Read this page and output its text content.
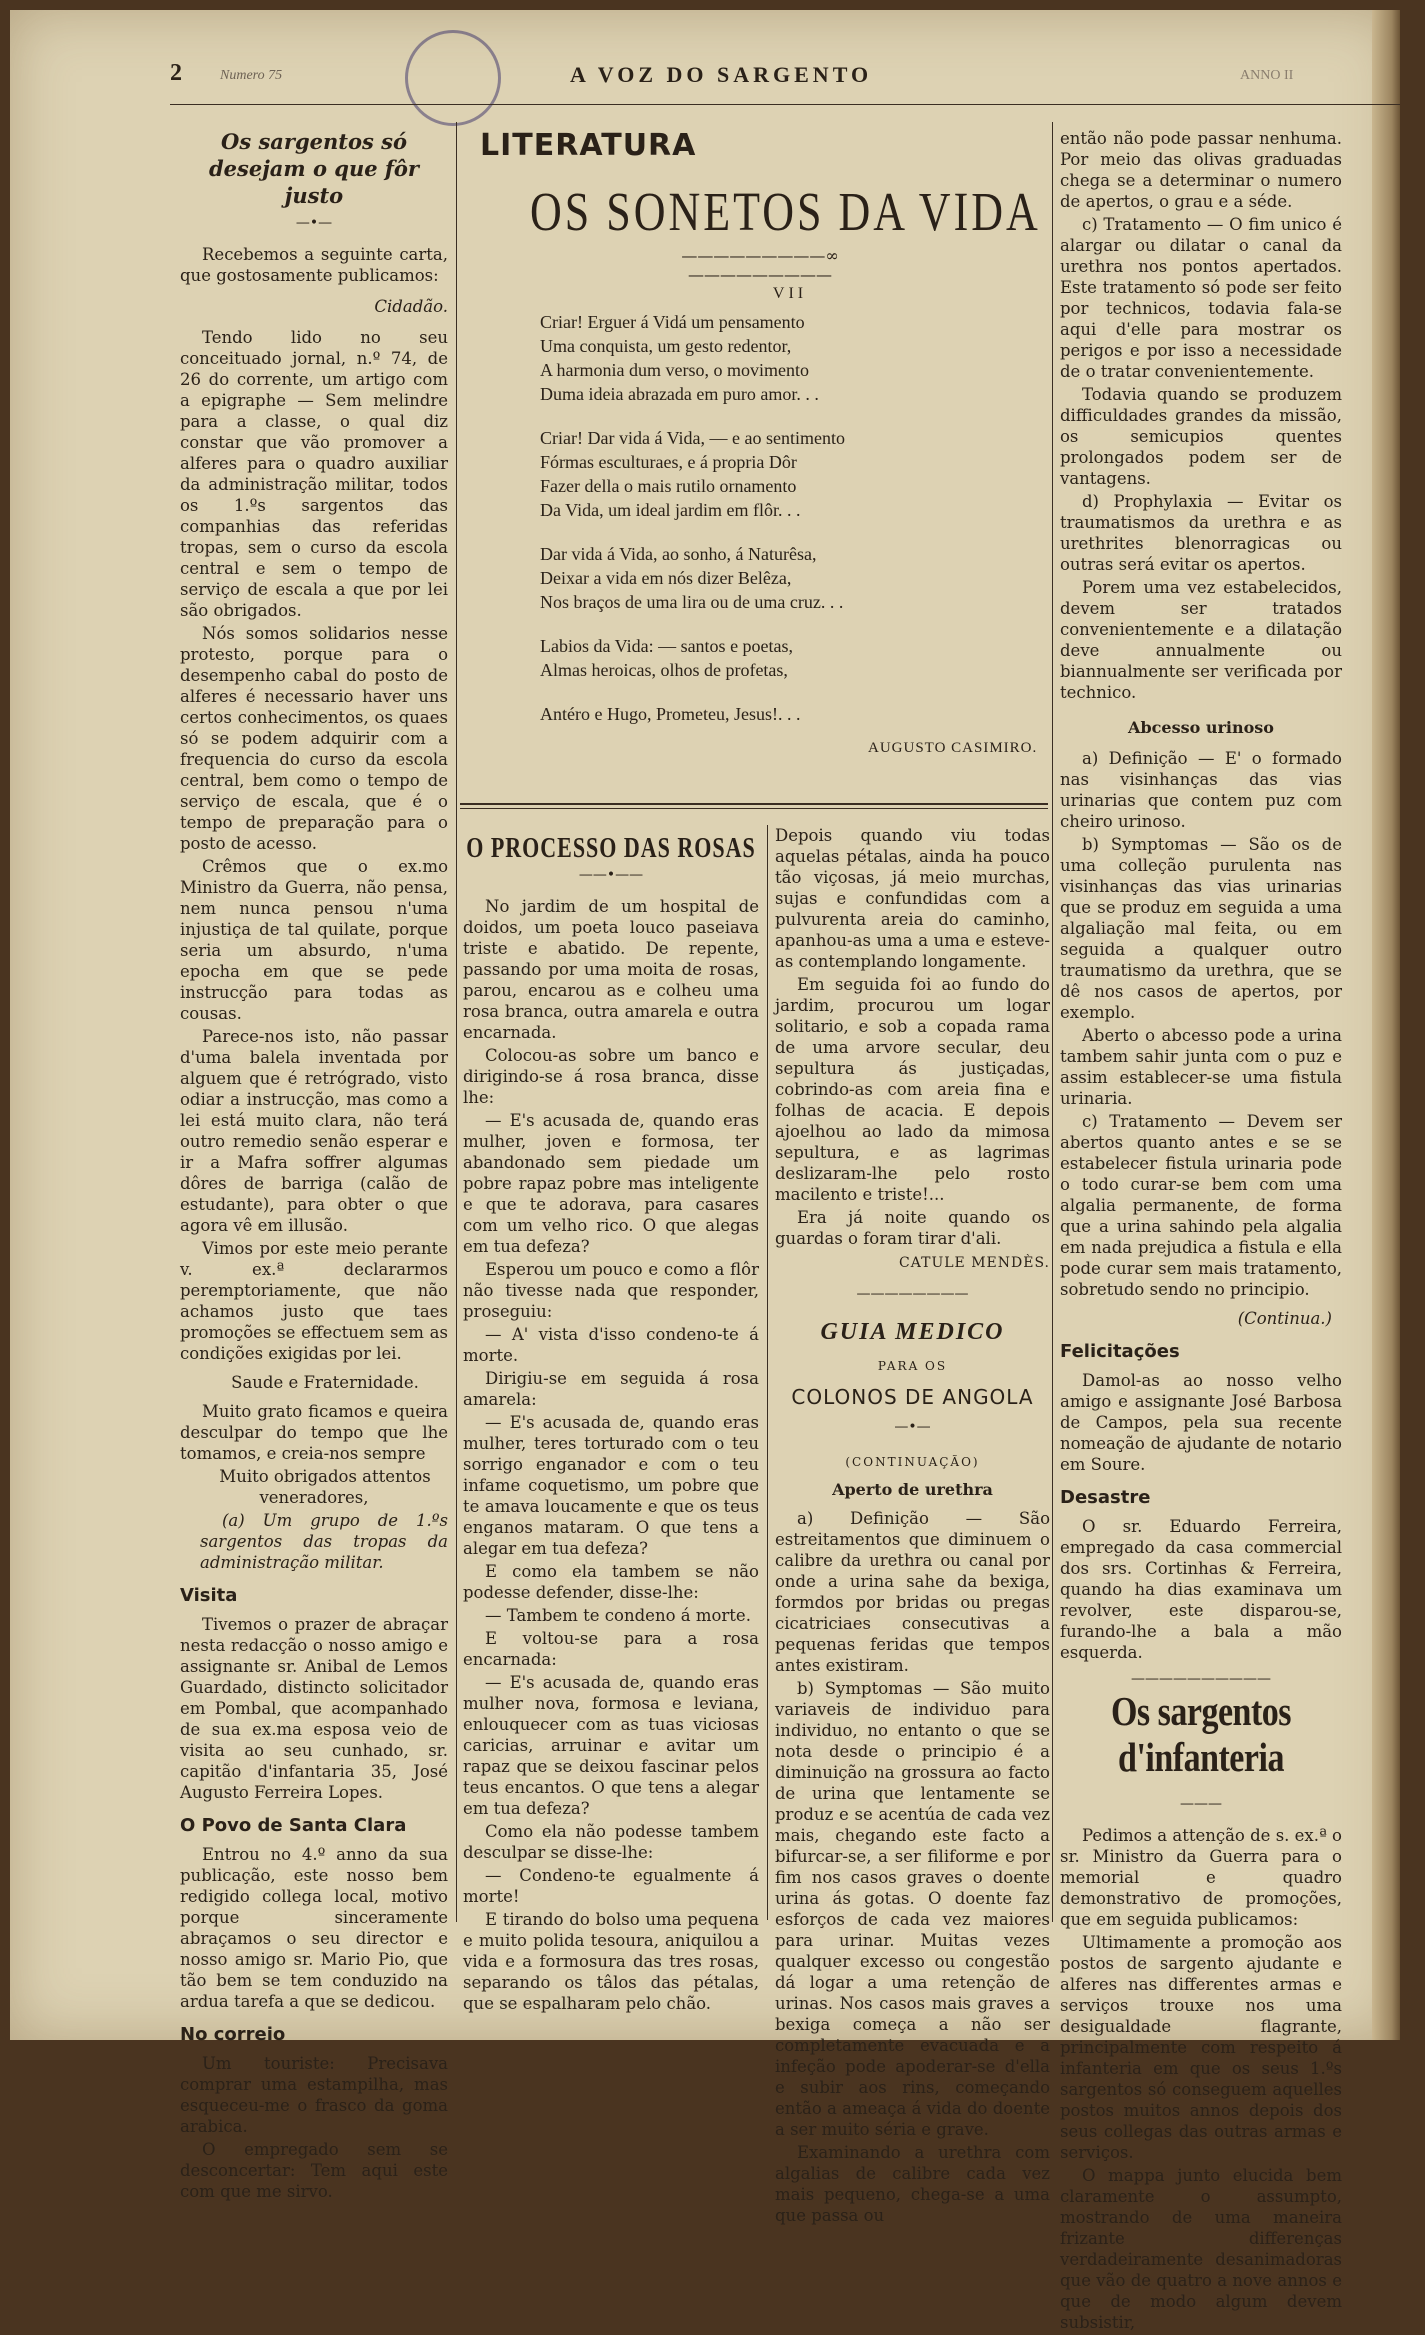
2	Numero 75	A VOZ DO SARGENTO	ANNO II
Os sargentos só desejam o que fôr justo
—•—

Recebemos a seguinte carta, que gostosamente publicamos:

Cidadão.

Tendo lido no seu conceituado jornal, n.º 74, de 26 do corrente, um artigo com a epigraphe — Sem melindre para a classe, o qual diz constar que vão promover a alferes para o quadro auxiliar da administração militar, todos os 1.ºs sargentos das companhias das referidas tropas, sem o curso da escola central e sem o tempo de serviço de escala a que por lei são obrigados.

Nós somos solidarios nesse protesto, porque para o desempenho cabal do posto de alferes é necessario haver uns certos conhecimentos, os quaes só se podem adquirir com a frequencia do curso da escola central, bem como o tempo de serviço de escala, que é o tempo de preparação para o posto de acesso.

Crêmos que o ex.mo Ministro da Guerra, não pensa, nem nunca pensou n'uma injustiça de tal quilate, porque seria um absurdo, n'uma epocha em que se pede instrucção para todas as cousas.

Parece-nos isto, não passar d'uma balela inventada por alguem que é retrógrado, visto odiar a instrucção, mas como a lei está muito clara, não terá outro remedio senão esperar e ir a Mafra soffrer algumas dôres de barriga (calão de estudante), para obter o que agora vê em illusão.

Vimos por este meio perante v. ex.ª declararmos peremptoriamente, que não achamos justo que taes promoções se effectuem sem as condições exigidas por lei.

Saude e Fraternidade.

Muito grato ficamos e queira desculpar do tempo que lhe tomamos, e creia-nos sempre

Muito obrigados attentos veneradores,

(a) Um grupo de 1.ºs sargentos das tropas da administração militar.

Visita

Tivemos o prazer de abraçar nesta redacção o nosso amigo e assignante sr. Anibal de Lemos Guardado, distincto solicitador em Pombal, que acompanhado de sua ex.ma esposa veio de visita ao seu cunhado, sr. capitão d'infantaria 35, José Augusto Ferreira Lopes.

O Povo de Santa Clara

Entrou no 4.º anno da sua publicação, este nosso bem redigido collega local, motivo porque sinceramente abraçamos o seu director e nosso amigo sr. Mario Pio, que tão bem se tem conduzido na ardua tarefa a que se dedicou.

No correio

Um touriste: Precisava comprar uma estampilha, mas esqueceu-me o frasco da goma arabica.

O empregado sem se desconcertar: Tem aqui este com que me sirvo.

LITERATURA
OS SONETOS DA VIDA
—————————∞—————————
VII
Criar! Erguer á Vidá um pensamento
Uma conquista, um gesto redentor,
A harmonia dum verso, o movimento
Duma ideia abrazada em puro amor. . .
Criar! Dar vida á Vida, — e ao sentimento
Fórmas esculturaes, e á propria Dôr
Fazer della o mais rutilo ornamento
Da Vida, um ideal jardim em flôr. . .
Dar vida á Vida, ao sonho, á Naturêsa,
Deixar a vida em nós dizer Belêza,
Nos braços de uma lira ou de uma cruz. . .
Labios da Vida: — santos e poetas,
Almas heroicas, olhos de profetas,
Antéro e Hugo, Prometeu, Jesus!. . .
AUGUSTO CASIMIRO.
O PROCESSO DAS ROSAS
——•——

No jardim de um hospital de doidos, um poeta louco paseiava triste e abatido. De repente, passando por uma moita de rosas, parou, encarou as e colheu uma rosa branca, outra amarela e outra encarnada.

Colocou-as sobre um banco e dirigindo-se á rosa branca, disse lhe:

— E's acusada de, quando eras mulher, joven e formosa, ter abandonado sem piedade um pobre rapaz pobre mas inteligente e que te adorava, para casares com um velho rico. O que alegas em tua defeza?

Esperou um pouco e como a flôr não tivesse nada que responder, proseguiu:

— A' vista d'isso condeno-te á morte.

Dirigiu-se em seguida á rosa amarela:

— E's acusada de, quando eras mulher, teres torturado com o teu sorrigo enganador e com o teu infame coquetismo, um pobre que te amava loucamente e que os teus enganos mataram. O que tens a alegar em tua defeza?

E como ela tambem se não podesse defender, disse-lhe:

— Tambem te condeno á morte.

E voltou-se para a rosa encarnada:

— E's acusada de, quando eras mulher nova, formosa e leviana, enlouquecer com as tuas viciosas caricias, arruinar e avitar um rapaz que se deixou fascinar pelos teus encantos. O que tens a alegar em tua defeza?

Como ela não podesse tambem desculpar se disse-lhe:

— Condeno-te egualmente á morte!

E tirando do bolso uma pequena e muito polida tesoura, aniquilou a vida e a formosura das tres rosas, separando os tâlos das pétalas, que se espalharam pelo chão.

Depois quando viu todas aquelas pétalas, ainda ha pouco tão viçosas, já meio murchas, sujas e confundidas com a pulvurenta areia do caminho, apanhou-as uma a uma e esteve-as contemplando longamente.

Em seguida foi ao fundo do jardim, procurou um logar solitario, e sob a copada rama de uma arvore secular, deu sepultura ás justiçadas, cobrindo-as com areia fina e folhas de acacia. E depois ajoelhou ao lado da mimosa sepultura, e as lagrimas deslizaram-lhe pelo rosto macilento e triste!...

Era já noite quando os guardas o foram tirar d'ali.

CATULE MENDÈS.
————————
GUIA MEDICO
PARA OS
COLONOS DE ANGOLA
—•—
(CONTINUAÇÃO)
Aperto de urethra

a) Definição — São estreitamentos que diminuem o calibre da urethra ou canal por onde a urina sahe da bexiga, formdos por bridas ou pregas cicatriciaes consecutivas a pequenas feridas que tempos antes existiram.

b) Symptomas — São muito variaveis de individuo para individuo, no entanto o que se nota desde o principio é a diminuição na grossura ao facto de urina que lentamente se produz e se acentúa de cada vez mais, chegando este facto a bifurcar-se, a ser filiforme e por fim nos casos graves o doente urina ás gotas. O doente faz esforços de cada vez maiores para urinar. Muitas vezes qualquer excesso ou congestão dá logar a uma retenção de urinas. Nos casos mais graves a bexiga começa a não ser completamente evacuada e a infeção pode apoderar-se d'ella e subir aos rins, começando então a ameaça á vida do doente a ser muito séria e grave.

Examinando a urethra com algalias de calibre cada vez mais pequeno, chega-se a uma que passa ou

então não pode passar nenhuma. Por meio das olivas graduadas chega se a determinar o numero de apertos, o grau e a séde.

c) Tratamento — O fim unico é alargar ou dilatar o canal da urethra nos pontos apertados. Este tratamento só pode ser feito por technicos, todavia fala-se aqui d'elle para mostrar os perigos e por isso a necessidade de o tratar convenientemente.

Todavia quando se produzem difficuldades grandes da missão, os semicupios quentes prolongados podem ser de vantagens.

d) Prophylaxia — Evitar os traumatismos da urethra e as urethrites blenorragicas ou outras será evitar os apertos.

Porem uma vez estabelecidos, devem ser tratados convenientemente e a dilatação deve annualmente ou biannualmente ser verificada por technico.

Abcesso urinoso

a) Definição — E' o formado nas visinhanças das vias urinarias que contem puz com cheiro urinoso.

b) Symptomas — São os de uma colleção purulenta nas visinhanças das vias urinarias que se produz em seguida a uma algaliação mal feita, ou em seguida a qualquer outro traumatismo da urethra, que se dê nos casos de apertos, por exemplo.

Aberto o abcesso pode a urina tambem sahir junta com o puz e assim establecer-se uma fistula urinaria.

c) Tratamento — Devem ser abertos quanto antes e se se estabelecer fistula urinaria pode o todo curar-se bem com uma algalia permanente, de forma que a urina sahindo pela algalia em nada prejudica a fistula e ella pode curar sem mais tratamento, sobretudo sendo no principio.

(Continua.)

Felicitações

Damol-as ao nosso velho amigo e assignante José Barbosa de Campos, pela sua recente nomeação de ajudante de notario em Soure.

Desastre

O sr. Eduardo Ferreira, empregado da casa commercial dos srs. Cortinhas & Ferreira, quando ha dias examinava um revolver, este disparou-se, furando-lhe a bala a mão esquerda.

——————————
Os sargentos d'infanteria
———

Pedimos a attenção de s. ex.ª o sr. Ministro da Guerra para o memorial e quadro demonstrativo de promoções, que em seguida publicamos:

Ultimamente a promoção aos postos de sargento ajudante e alferes nas differentes armas e serviços trouxe nos uma desigualdade flagrante, principalmente com respeito á infanteria em que os seus 1.ºs sargentos só conseguem aquelles postos muitos annos depois dos seus collegas das outras armas e serviços.

O mappa junto elucida bem claramente o assumpto, mostrando de uma maneira frizante differenças verdadeiramente desanimadoras que vão de quatro a nove annos e que de modo algum devem subsistir,
